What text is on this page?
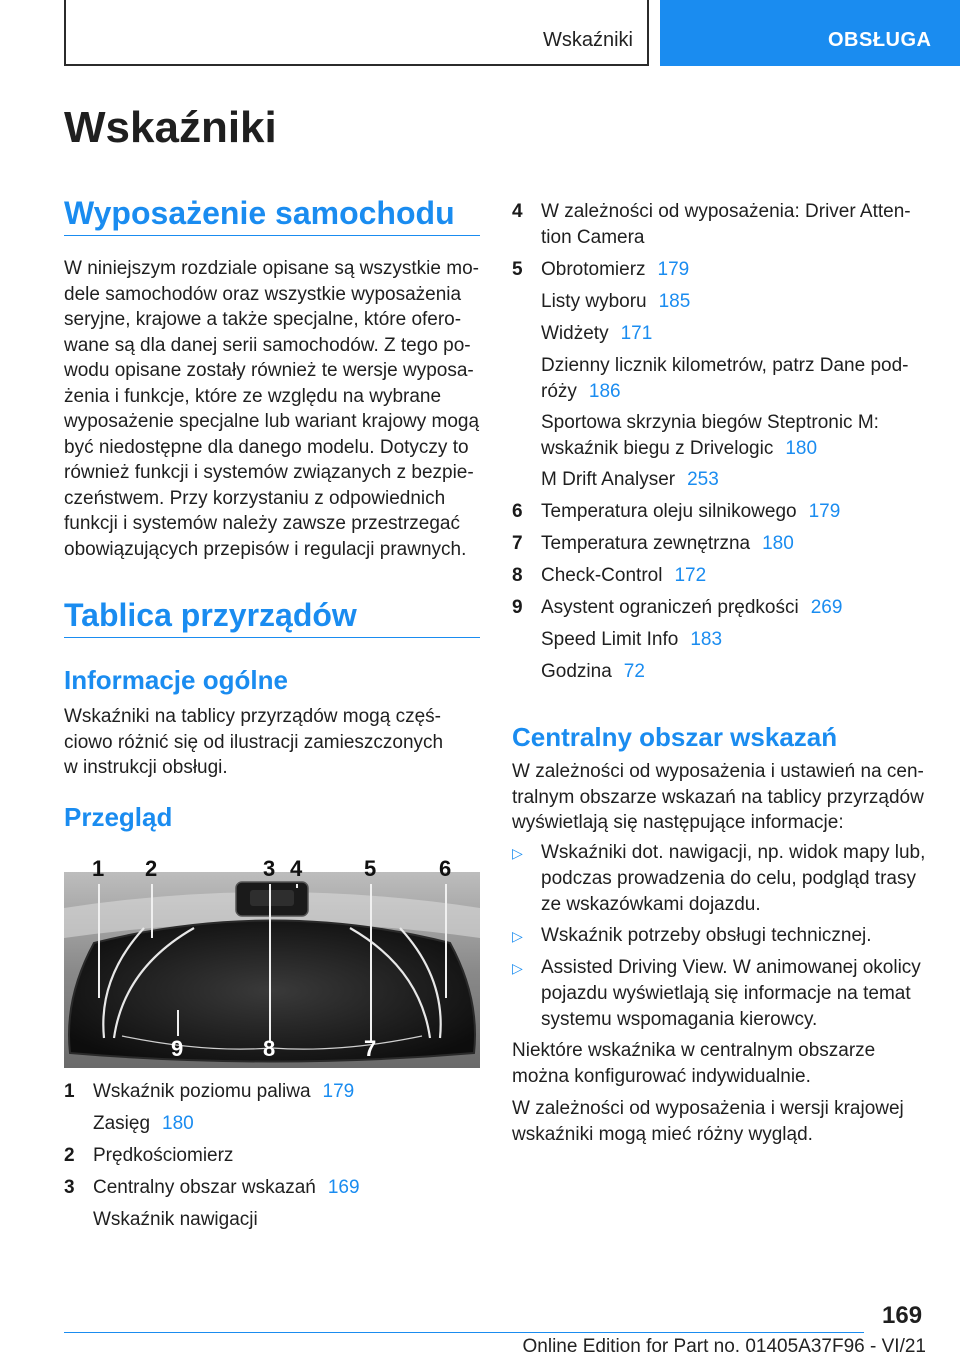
Wskaźniki	OBSŁUGA
Wskaźniki
Wyposażenie samochodu
W niniejszym rozdziale opisane są wszystkie mo-
dele samochodów oraz wszystkie wyposażenia
seryjne, krajowe a także specjalne, które ofero-
wane są dla danej serii samochodów. Z tego po-
wodu opisane zostały również te wersje wyposa-
żenia i funkcje, które ze względu na wybrane
wyposażenie specjalne lub wariant krajowy mogą
być niedostępne dla danego modelu. Dotyczy to
również funkcji i systemów związanych z bezpie-
czeństwem. Przy korzystaniu z odpowiednich
funkcji i systemów należy zawsze przestrzegać
obowiązujących przepisów i regulacji prawnych.
Tablica przyrządów
Informacje ogólne
Wskaźniki na tablicy przyrządów mogą częś-
ciowo różnić się od ilustracji zamieszczonych
w instrukcji obsługi.
Przegląd
1 2	3 4	5	6
9	8	7
1 Wskaźnik poziomu paliwa 179
Zasięg 180
2 Prędkościomierz
3 Centralny obszar wskazań 169
Wskaźnik nawigacji
4 W zależności od wyposażenia: Driver Atten-
tion Camera
5 Obrotomierz 179
Listy wyboru 185
Widżety 171
Dzienny licznik kilometrów, patrz Dane pod-
róży 186
Sportowa skrzynia biegów Steptronic M:
wskaźnik biegu z Drivelogic 180
M Drift Analyser 253
6 Temperatura oleju silnikowego 179
7 Temperatura zewnętrzna 180
8 Check-Control 172
9 Asystent ograniczeń prędkości 269
Speed Limit Info 183
Godzina 72
Centralny obszar wskazań
W zależności od wyposażenia i ustawień na cen-
tralnym obszarze wskazań na tablicy przyrządów
wyświetlają się następujące informacje:
▷ Wskaźniki dot. nawigacji, np. widok mapy lub,
podczas prowadzenia do celu, podgląd trasy
ze wskazówkami dojazdu.
▷ Wskaźnik potrzeby obsługi technicznej.
▷ Assisted Driving View. W animowanej okolicy
pojazdu wyświetlają się informacje na temat
systemu wspomagania kierowcy.
Niektóre wskaźnika w centralnym obszarze
można konfigurować indywidualnie.
W zależności od wyposażenia i wersji krajowej
wskaźniki mogą mieć różny wygląd.
169
Online Edition for Part no. 01405A37F96 - VI/21
